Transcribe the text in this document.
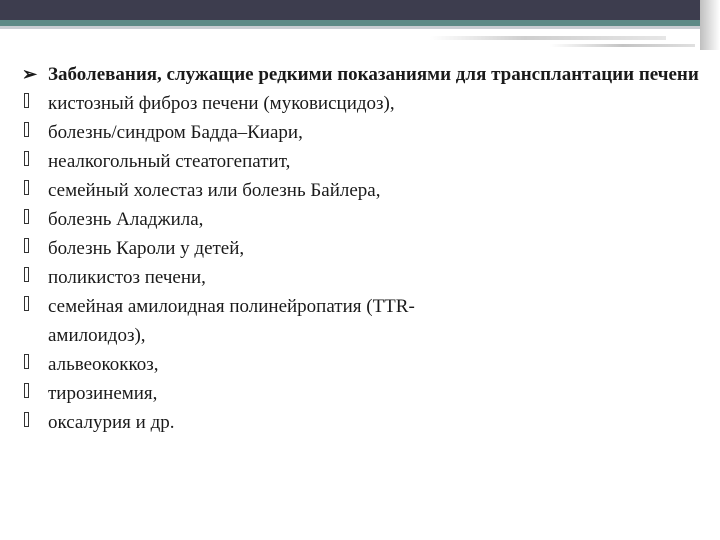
➢ Заболевания, служащие редкими показаниями для трансплантации печени
кистозный фиброз печени (муковисцидоз),
болезнь/синдром Бадда–Киари,
неалкогольный стеатогепатит,
семейный холестаз или болезнь Байлера,
болезнь Аладжила,
болезнь Кароли у детей,
поликистоз печени,
семейная амилоидная полинейропатия (TTR-амилоидоз),
альвеококкоз,
тирозинемия,
оксалурия и др.
